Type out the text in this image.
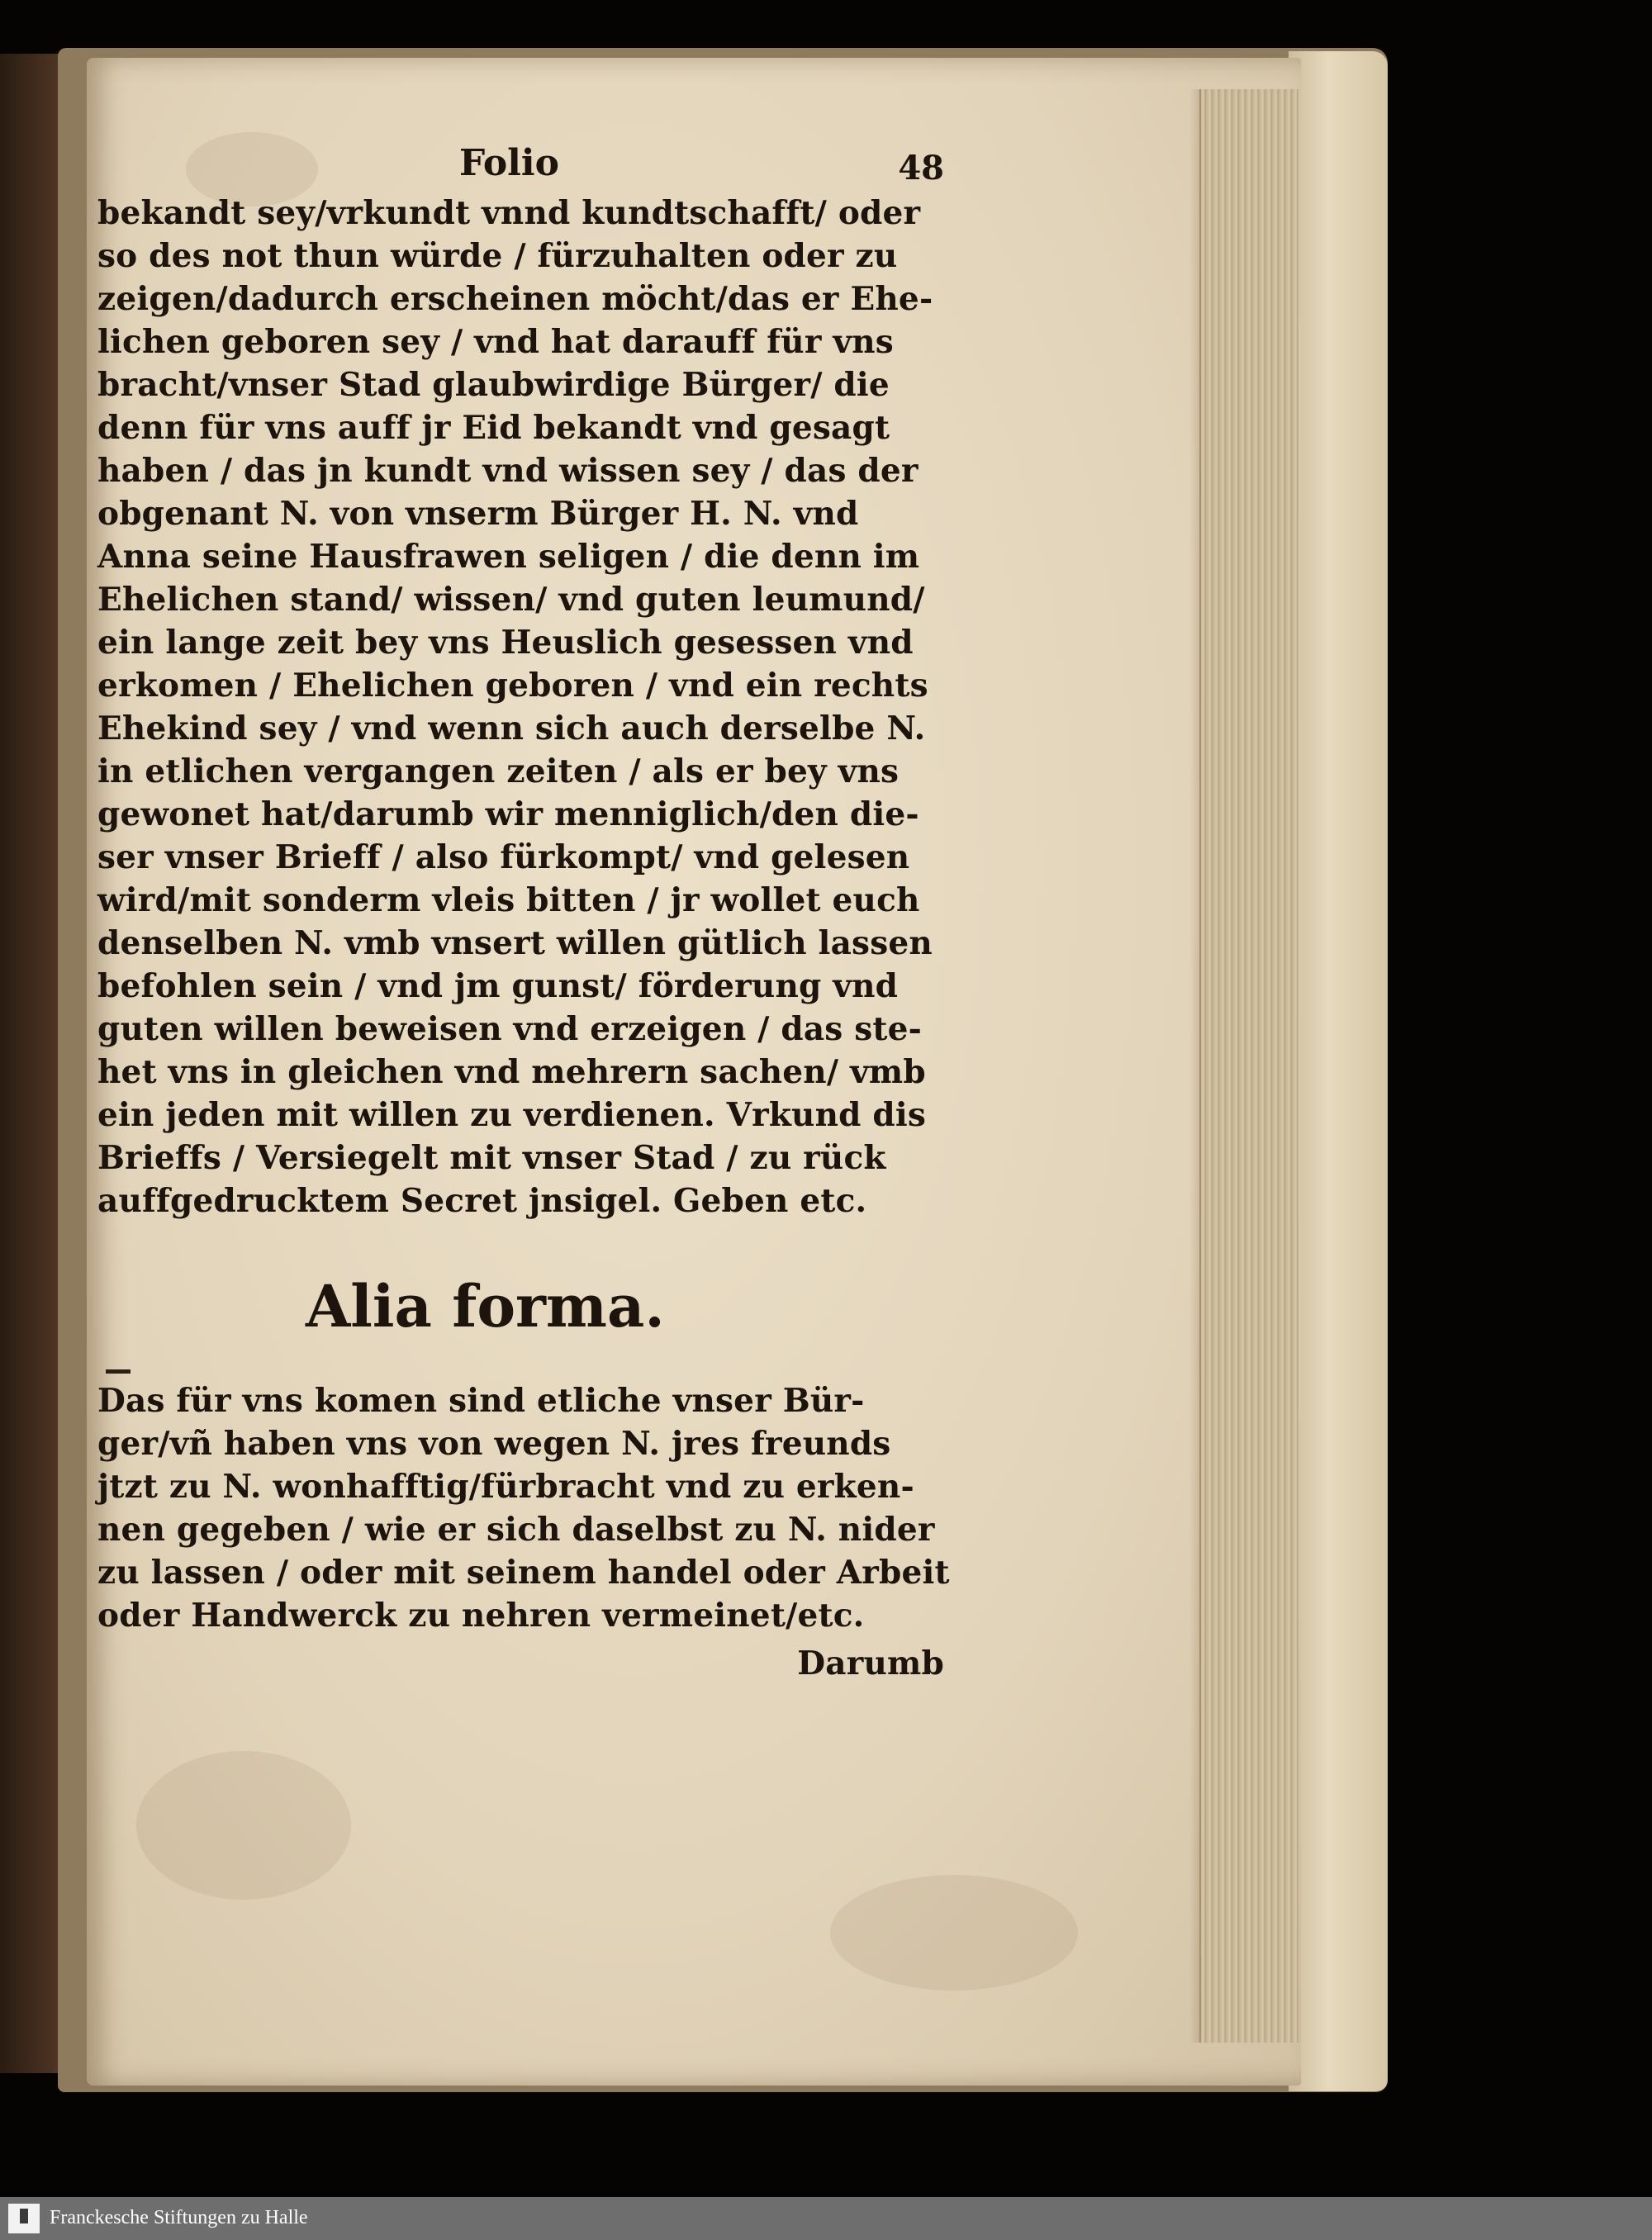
Folio	48
bekandt sey/vrkundt vnnd kundtschafft/ oder
so des not thun würde / fürzuhalten oder zu
zeigen/dadurch erscheinen möcht/das er Ehe-
lichen geboren sey / vnd hat darauff für vns
bracht/vnser Stad glaubwirdige Bürger/ die
denn für vns auff jr Eid bekandt vnd gesagt
haben / das jn kundt vnd wissen sey / das der
obgenant N. von vnserm Bürger H. N. vnd
Anna seine Hausfrawen seligen / die denn im
Ehelichen stand/ wissen/ vnd guten leumund/
ein lange zeit bey vns Heuslich gesessen vnd
erkomen / Ehelichen geboren / vnd ein rechts
Ehekind sey / vnd wenn sich auch derselbe N.
in etlichen vergangen zeiten / als er bey vns
gewonet hat/darumb wir menniglich/den die-
ser vnser Brieff / also fürkompt/ vnd gelesen
wird/mit sonderm vleis bitten / jr wollet euch
denselben N. vmb vnsert willen gütlich lassen
befohlen sein / vnd jm gunst/ förderung vnd
guten willen beweisen vnd erzeigen / das ste-
het vns in gleichen vnd mehrern sachen/ vmb
ein jeden mit willen zu verdienen. Vrkund dis
Brieffs / Versiegelt mit vnser Stad / zu rück
auffgedrucktem Secret jnsigel. Geben etc.
Das für vns komen sind etliche vnser Bür-
ger/vñ haben vns von wegen N. jres freunds
jtzt zu N. wonhafftig/fürbracht vnd zu erken-
nen gegeben / wie er sich daselbst zu N. nider
zu lassen / oder mit seinem handel oder Arbeit
oder Handwerck zu nehren vermeinet/etc.
Darumb
Alia forma.
Franckesche Stiftungen zu Halle
